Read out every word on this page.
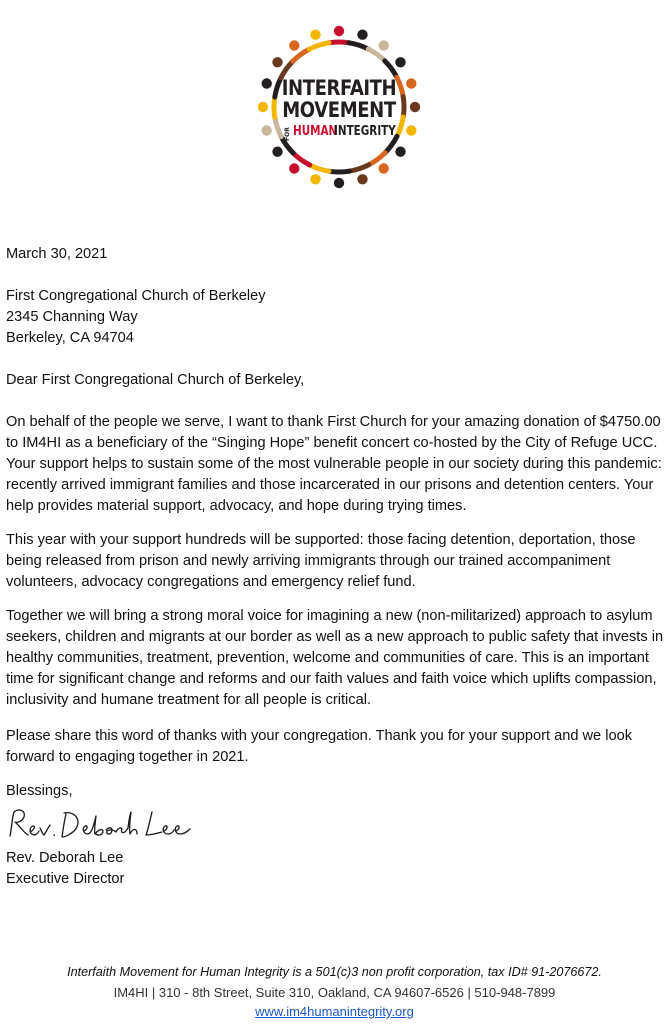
INTERFAITH
MOVEMENT
FOR HUMAN
INTEGRITY

March 30, 2021

First Congregational Church of Berkeley
2345 Channing Way
Berkeley, CA 94704

Dear First Congregational Church of Berkeley,

On behalf of the people we serve, I want to thank First Church for your amazing donation of $4750.00
to IM4HI as a beneficiary of the “Singing Hope” benefit concert co-hosted by the City of Refuge UCC.
Your support helps to sustain some of the most vulnerable people in our society during this pandemic:
recently arrived immigrant families and those incarcerated in our prisons and detention centers. Your
help provides material support, advocacy, and hope during trying times.
This year with your support hundreds will be supported: those facing detention, deportation, those
being released from prison and newly arriving immigrants through our trained accompaniment
volunteers, advocacy congregations and emergency relief fund.
Together we will bring a strong moral voice for imagining a new (non-militarized) approach to asylum
seekers, children and migrants at our border as well as a new approach to public safety that invests in
healthy communities, treatment, prevention, welcome and communities of care. This is an important
time for significant change and reforms and our faith values and faith voice which uplifts compassion,
inclusivity and humane treatment for all people is critical.
Please share this word of thanks with your congregation. Thank you for your support and we look
forward to engaging together in 2021.

Blessings,

Rev. Deborah Lee
Executive Director

Interfaith Movement for Human Integrity is a 501(c)3 non profit corporation, tax ID# 91-2076672.

IM4HI | 310 - 8th Street, Suite 310, Oakland, CA 94607-6526 | 510-948-7899

www.im4humanintegrity.org
